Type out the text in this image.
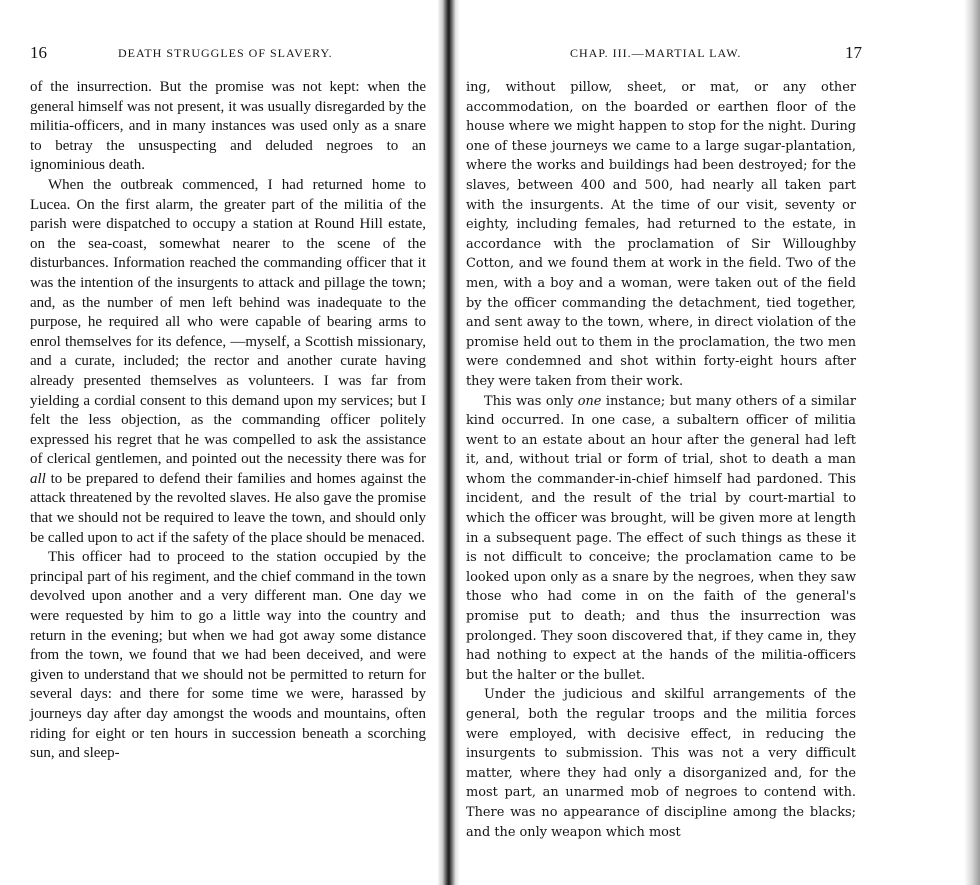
16	DEATH STRUGGLES OF SLAVERY.

of the insurrection. But the promise was not kept: when the general himself was not present, it was usually disregarded by the militia-officers, and in many instances was used only as a snare to betray the unsuspecting and deluded negroes to an ignominious death.

When the outbreak commenced, I had returned home to Lucea. On the first alarm, the greater part of the militia of the parish were dispatched to occupy a station at Round Hill estate, on the sea-coast, somewhat nearer to the scene of the disturbances. Information reached the commanding officer that it was the intention of the insurgents to attack and pillage the town; and, as the number of men left behind was inadequate to the purpose, he required all who were capable of bearing arms to enrol themselves for its defence, —myself, a Scottish missionary, and a curate, included; the rector and another curate having already presented themselves as volunteers. I was far from yielding a cordial consent to this demand upon my services; but I felt the less objection, as the commanding officer politely expressed his regret that he was compelled to ask the assistance of clerical gentlemen, and pointed out the necessity there was for all to be prepared to defend their families and homes against the attack threatened by the revolted slaves. He also gave the promise that we should not be required to leave the town, and should only be called upon to act if the safety of the place should be menaced.

This officer had to proceed to the station occupied by the principal part of his regiment, and the chief command in the town devolved upon another and a very different man. One day we were requested by him to go a little way into the country and return in the evening; but when we had got away some distance from the town, we found that we had been deceived, and were given to understand that we should not be permitted to return for several days: and there for some time we were, harassed by journeys day after day amongst the woods and mountains, often riding for eight or ten hours in succession beneath a scorching sun, and sleep-

CHAP. III.—MARTIAL LAW.	17

ing, without pillow, sheet, or mat, or any other accommodation, on the boarded or earthen floor of the house where we might happen to stop for the night. During one of these journeys we came to a large sugar-plantation, where the works and buildings had been destroyed; for the slaves, between 400 and 500, had nearly all taken part with the insurgents. At the time of our visit, seventy or eighty, including females, had returned to the estate, in accordance with the proclamation of Sir Willoughby Cotton, and we found them at work in the field. Two of the men, with a boy and a woman, were taken out of the field by the officer commanding the detachment, tied together, and sent away to the town, where, in direct violation of the promise held out to them in the proclamation, the two men were condemned and shot within forty-eight hours after they were taken from their work.

This was only one instance; but many others of a similar kind occurred. In one case, a subaltern officer of militia went to an estate about an hour after the general had left it, and, without trial or form of trial, shot to death a man whom the commander-in-chief himself had pardoned. This incident, and the result of the trial by court-martial to which the officer was brought, will be given more at length in a subsequent page. The effect of such things as these it is not difficult to conceive; the proclamation came to be looked upon only as a snare by the negroes, when they saw those who had come in on the faith of the general's promise put to death; and thus the insurrection was prolonged. They soon discovered that, if they came in, they had nothing to expect at the hands of the militia-officers but the halter or the bullet.

Under the judicious and skilful arrangements of the general, both the regular troops and the militia forces were employed, with decisive effect, in reducing the insurgents to submission. This was not a very difficult matter, where they had only a disorganized and, for the most part, an unarmed mob of negroes to contend with. There was no appearance of discipline among the blacks; and the only weapon which most
